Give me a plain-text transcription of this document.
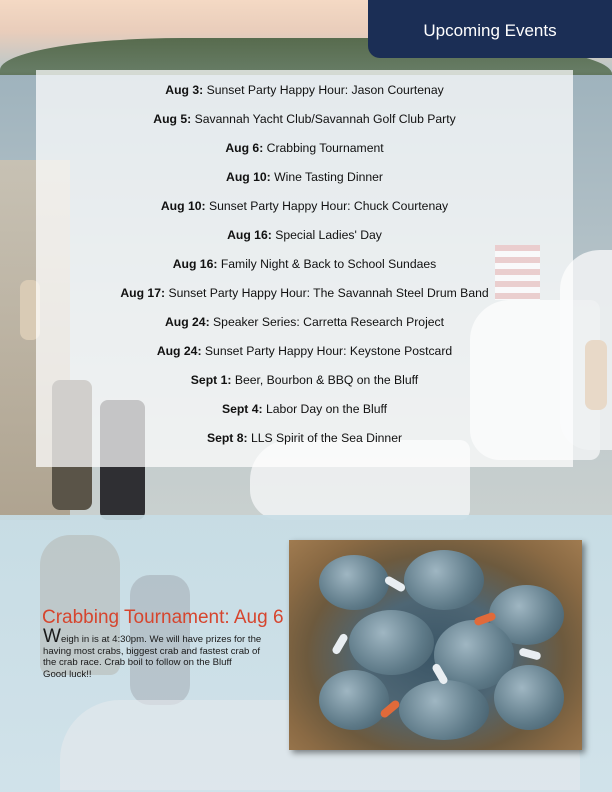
Upcoming Events
Aug 3: Sunset Party Happy Hour: Jason Courtenay
Aug 5: Savannah Yacht Club/Savannah Golf Club Party
Aug 6: Crabbing Tournament
Aug 10: Wine Tasting Dinner
Aug 10: Sunset Party Happy Hour: Chuck Courtenay
Aug 16: Special Ladies' Day
Aug 16: Family Night & Back to School Sundaes
Aug 17: Sunset Party Happy Hour: The Savannah Steel Drum Band
Aug 24: Speaker Series: Carretta Research Project
Aug 24: Sunset Party Happy Hour: Keystone Postcard
Sept 1: Beer, Bourbon & BBQ on the Bluff
Sept 4: Labor Day on the Bluff
Sept 8: LLS Spirit of the Sea Dinner
Crabbing Tournament: Aug 6
Weigh in is at 4:30pm. We will have prizes for the having most crabs, biggest crab and fastest crab of the crab race. Crab boil to follow on the Bluff
Good luck!!
